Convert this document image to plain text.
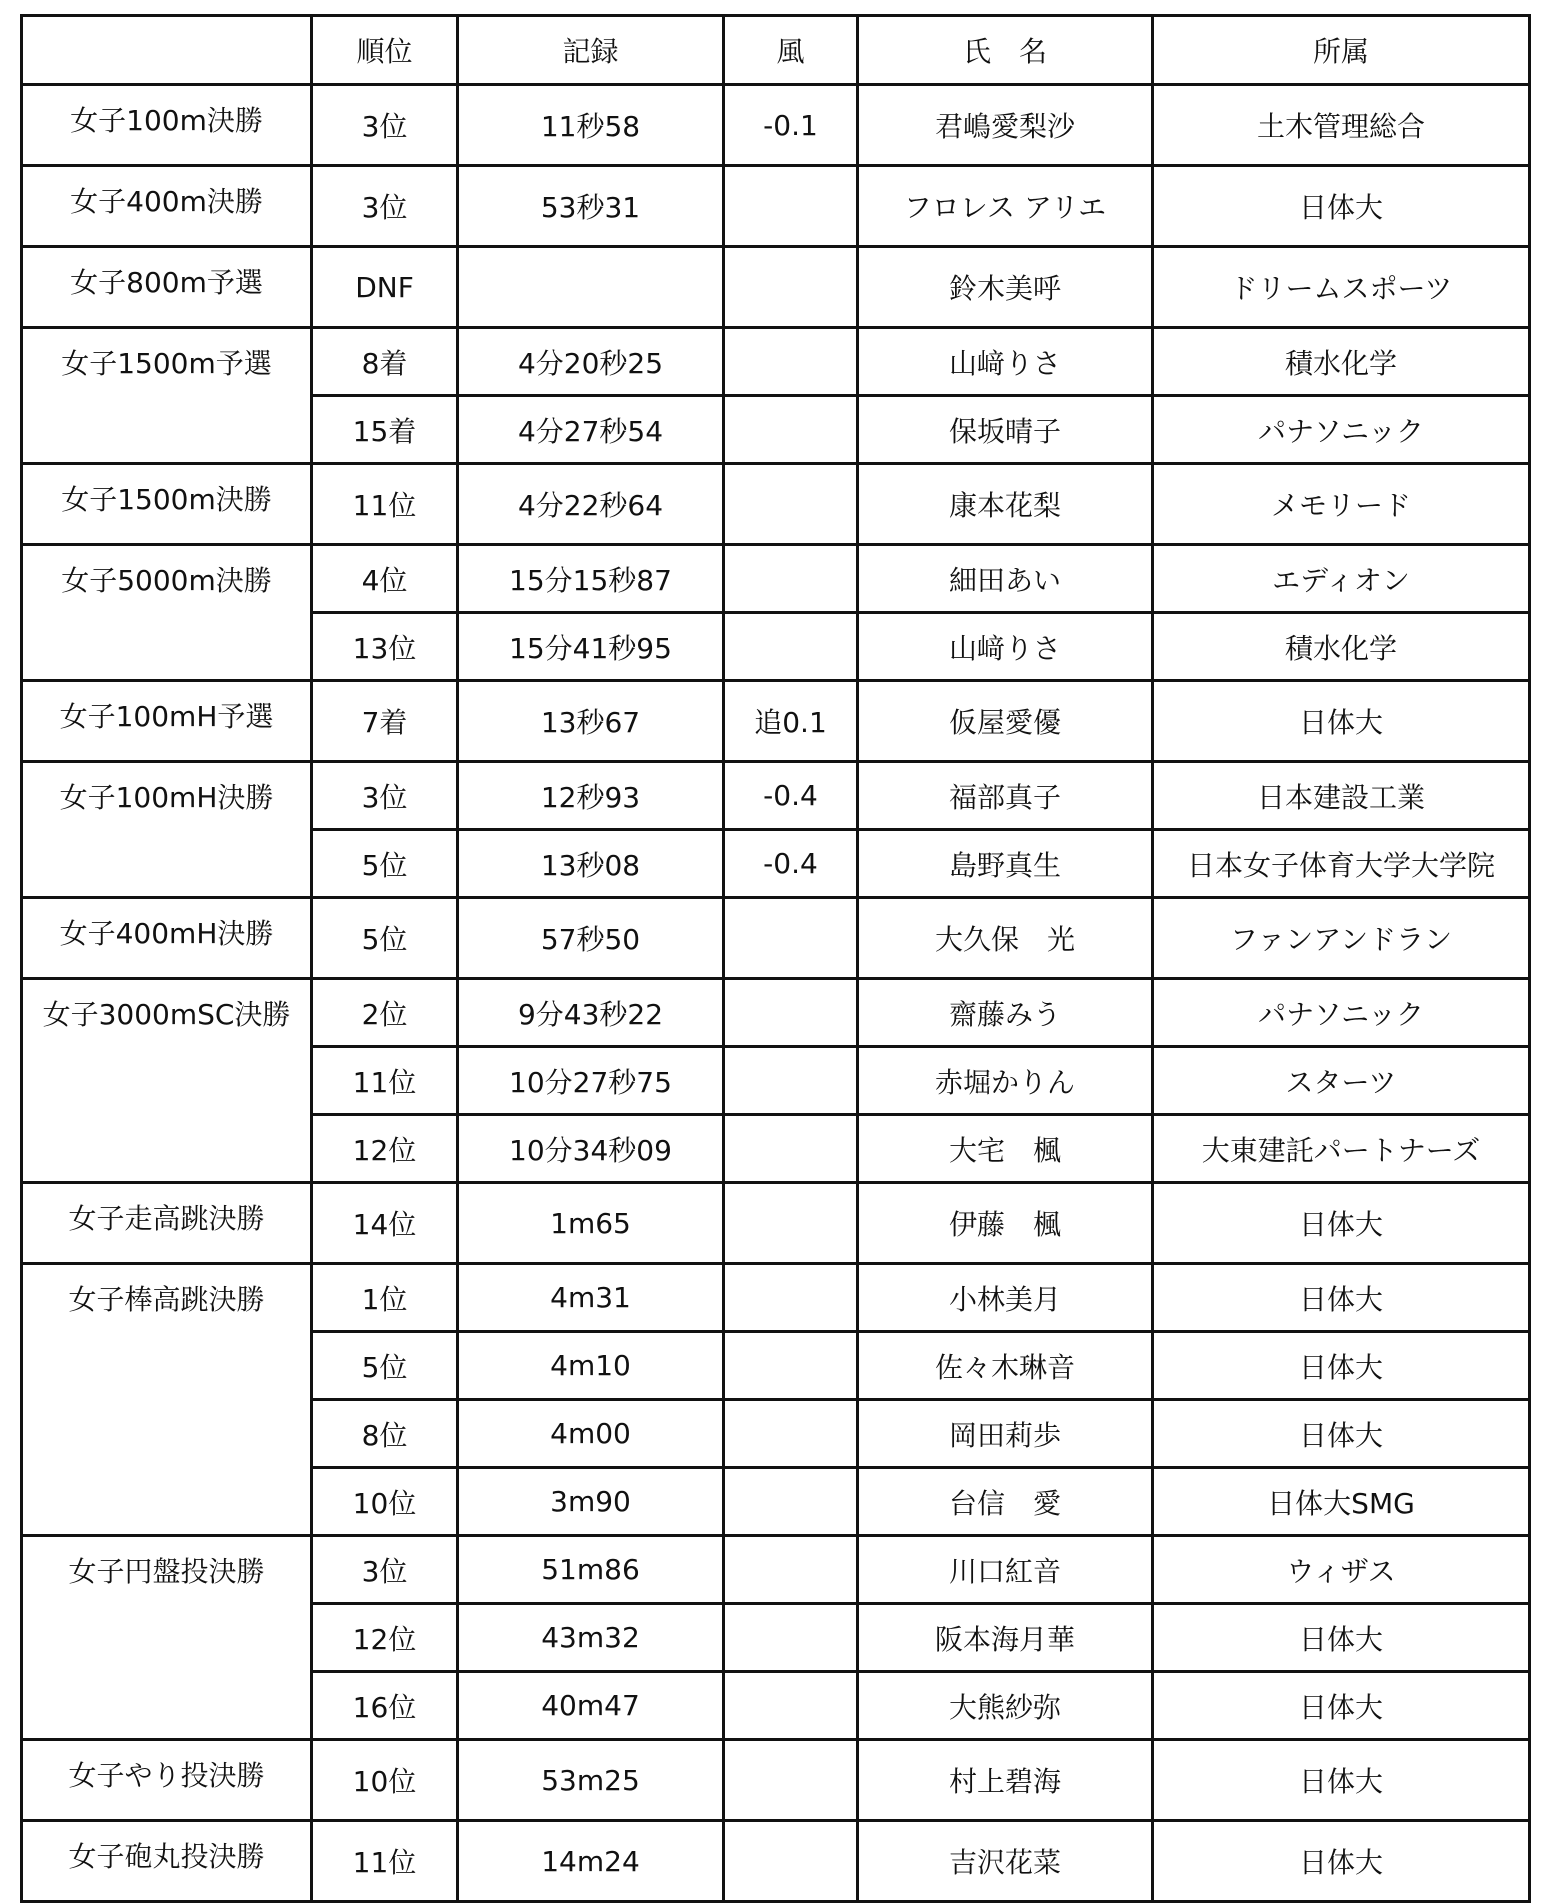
	順位	記録	風	氏　名	所属
女子100m決勝	3位	11秒58	-0.1	君嶋愛梨沙	土木管理総合
女子400m決勝	3位	53秒31		フロレス アリエ	日体大
女子800m予選	DNF			鈴木美呼	ドリームスポーツ
女子1500m予選	8着	4分20秒25		山﨑りさ	積水化学
	15着	4分27秒54		保坂晴子	パナソニック
女子1500m決勝	11位	4分22秒64		康本花梨	メモリード
女子5000m決勝	4位	15分15秒87		細田あい	エディオン
	13位	15分41秒95		山﨑りさ	積水化学
女子100mH予選	7着	13秒67	追0.1	仮屋愛優	日体大
女子100mH決勝	3位	12秒93	-0.4	福部真子	日本建設工業
	5位	13秒08	-0.4	島野真生	日本女子体育大学大学院
女子400mH決勝	5位	57秒50		大久保　光	ファンアンドラン
女子3000mSC決勝	2位	9分43秒22		齋藤みう	パナソニック
	11位	10分27秒75		赤堀かりん	スターツ
	12位	10分34秒09		大宅　楓	大東建託パートナーズ
女子走高跳決勝	14位	1m65		伊藤　楓	日体大
女子棒高跳決勝	1位	4m31		小林美月	日体大
	5位	4m10		佐々木琳音	日体大
	8位	4m00		岡田莉歩	日体大
	10位	3m90		台信　愛	日体大SMG
女子円盤投決勝	3位	51m86		川口紅音	ウィザス
	12位	43m32		阪本海月華	日体大
	16位	40m47		大熊紗弥	日体大
女子やり投決勝	10位	53m25		村上碧海	日体大
女子砲丸投決勝	11位	14m24		吉沢花菜	日体大
